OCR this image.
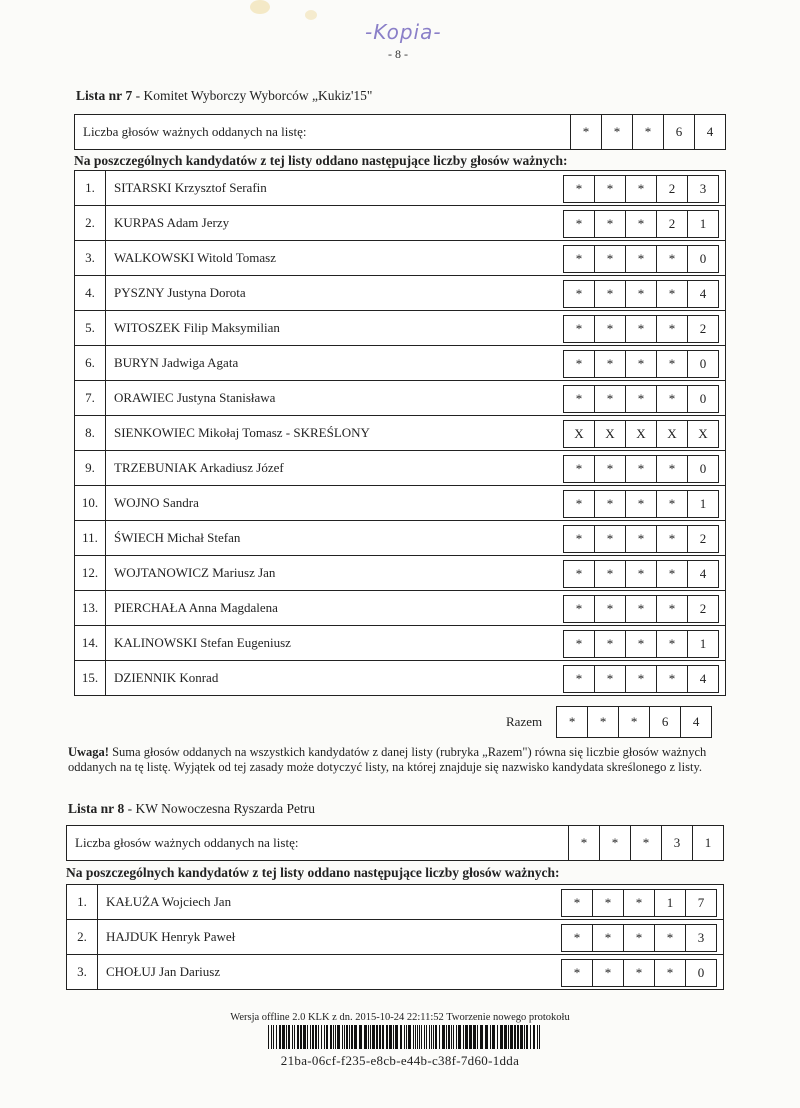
-Kopia-
- 8 -
Lista nr 7 - Komitet Wyborczy Wyborców „Kukiz'15"
Liczba głosów ważnych oddanych na listę:	*	*	*	6	4
Na poszczególnych kandydatów z tej listy oddano następujące liczby głosów ważnych:
1.	SITARSKI Krzysztof Serafin	*	*	*	2	3
2.	KURPAS Adam Jerzy	*	*	*	2	1
3.	WALKOWSKI Witold Tomasz	*	*	*	*	0
4.	PYSZNY Justyna Dorota	*	*	*	*	4
5.	WITOSZEK Filip Maksymilian	*	*	*	*	2
6.	BURYN Jadwiga Agata	*	*	*	*	0
7.	ORAWIEC Justyna Stanisława	*	*	*	*	0
8.	SIENKOWIEC Mikołaj Tomasz - SKREŚLONY	X	X	X	X	X
9.	TRZEBUNIAK Arkadiusz Józef	*	*	*	*	0
10.	WOJNO Sandra	*	*	*	*	1
11.	ŚWIECH Michał Stefan	*	*	*	*	2
12.	WOJTANOWICZ Mariusz Jan	*	*	*	*	4
13.	PIERCHAŁA Anna Magdalena	*	*	*	*	2
14.	KALINOWSKI Stefan Eugeniusz	*	*	*	*	1
15.	DZIENNIK Konrad	*	*	*	*	4
Razem	*	*	*	6	4
Uwaga! Suma głosów oddanych na wszystkich kandydatów z danej listy (rubryka „Razem") równa się liczbie głosów ważnych oddanych na tę listę. Wyjątek od tej zasady może dotyczyć listy, na której znajduje się nazwisko kandydata skreślonego z listy.
Lista nr 8 - KW Nowoczesna Ryszarda Petru
Liczba głosów ważnych oddanych na listę:	*	*	*	3	1
Na poszczególnych kandydatów z tej listy oddano następujące liczby głosów ważnych:
1.	KAŁUŻA Wojciech Jan	*	*	*	1	7
2.	HAJDUK Henryk Paweł	*	*	*	*	3
3.	CHOŁUJ Jan Dariusz	*	*	*	*	0
Wersja offline 2.0 KLK z dn. 2015-10-24 22:11:52 Tworzenie nowego protokołu
21ba-06cf-f235-e8cb-e44b-c38f-7d60-1dda
